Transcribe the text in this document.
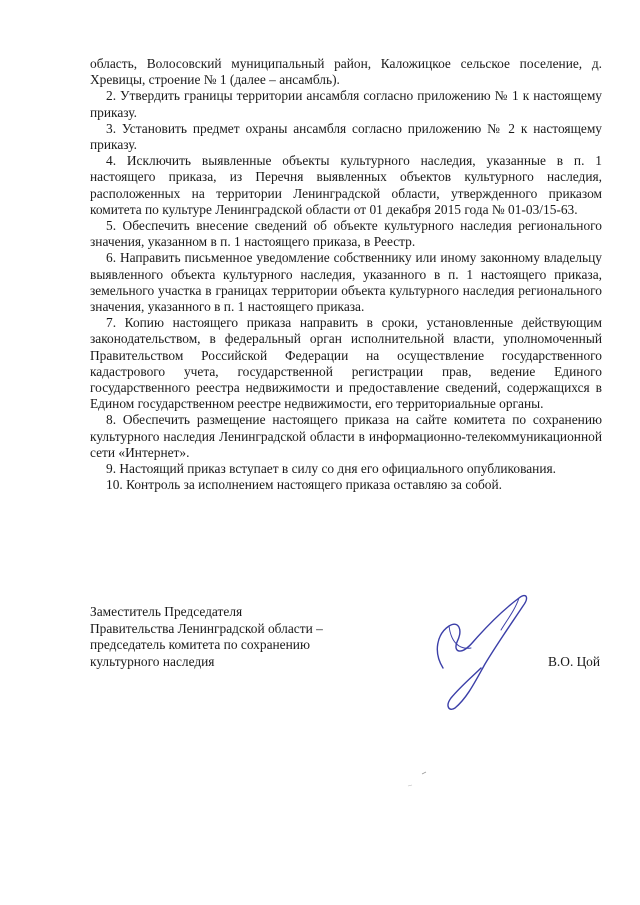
область, Волосовский муниципальный район, Каложицкое сельское поселение, д. Хревицы, строение № 1 (далее – ансамбль).

2. Утвердить границы территории ансамбля согласно приложению № 1 к настоящему приказу.

3. Установить предмет охраны ансамбля согласно приложению № 2 к настоящему приказу.

4. Исключить выявленные объекты культурного наследия, указанные в п. 1 настоящего приказа, из Перечня выявленных объектов культурного наследия, расположенных на территории Ленинградской области, утвержденного приказом комитета по культуре Ленинградской области от 01 декабря 2015 года № 01-03/15-63.

5. Обеспечить внесение сведений об объекте культурного наследия регионального значения, указанном в п. 1 настоящего приказа, в Реестр.

6. Направить письменное уведомление собственнику или иному законному владельцу выявленного объекта культурного наследия, указанного в п. 1 настоящего приказа, земельного участка в границах территории объекта культурного наследия регионального значения, указанного в п. 1 настоящего приказа.

7. Копию настоящего приказа направить в сроки, установленные действующим законодательством, в федеральный орган исполнительной власти, уполномоченный Правительством Российской Федерации на осуществление государственного кадастрового учета, государственной регистрации прав, ведение Единого государственного реестра недвижимости и предоставление сведений, содержащихся в Едином государственном реестре недвижимости, его территориальные органы.

8. Обеспечить размещение настоящего приказа на сайте комитета по сохранению культурного наследия Ленинградской области в информационно-телекоммуникационной сети «Интернет».

9. Настоящий приказ вступает в силу со дня его официального опубликования.

10. Контроль за исполнением настоящего приказа оставляю за собой.

Заместитель Председателя
Правительства Ленинградской области –
председатель комитета по сохранению
культурного наследия	В.О. Цой
